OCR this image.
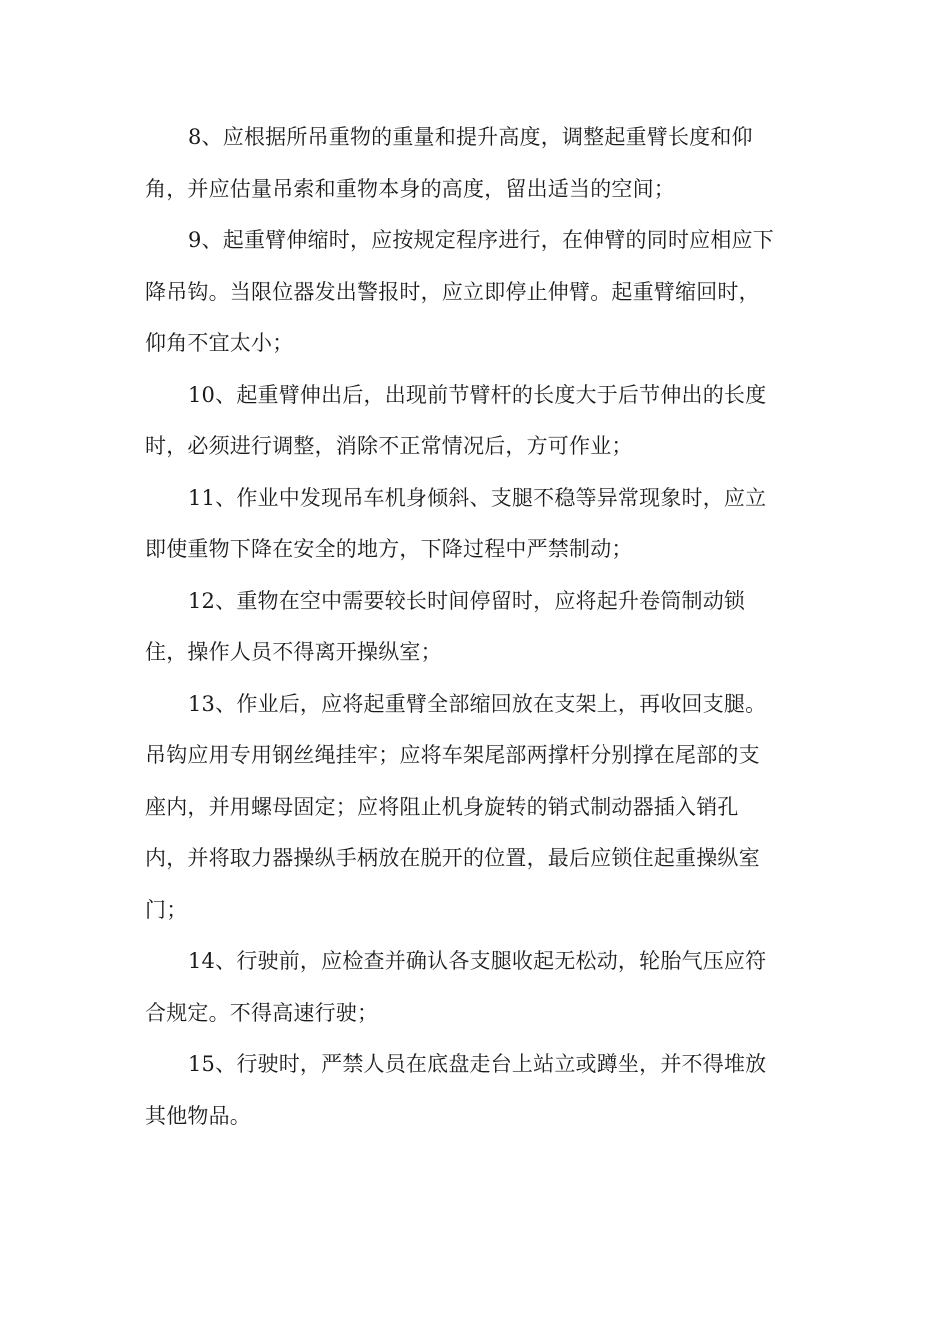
8、应根据所吊重物的重量和提升高度，调整起重臂长度和仰
角，并应估量吊索和重物本身的高度，留出适当的空间；
9、起重臂伸缩时，应按规定程序进行，在伸臂的同时应相应下
降吊钩。当限位器发出警报时，应立即停止伸臂。起重臂缩回时，
仰角不宜太小；
10、起重臂伸出后，出现前节臂杆的长度大于后节伸出的长度
时，必须进行调整，消除不正常情况后，方可作业；
11、作业中发现吊车机身倾斜、支腿不稳等异常现象时，应立
即使重物下降在安全的地方，下降过程中严禁制动；
12、重物在空中需要较长时间停留时，应将起升卷筒制动锁
住，操作人员不得离开操纵室；
13、作业后，应将起重臂全部缩回放在支架上，再收回支腿。
吊钩应用专用钢丝绳挂牢；应将车架尾部两撑杆分别撑在尾部的支
座内，并用螺母固定；应将阻止机身旋转的销式制动器插入销孔
内，并将取力器操纵手柄放在脱开的位置，最后应锁住起重操纵室
门；
14、行驶前，应检查并确认各支腿收起无松动，轮胎气压应符
合规定。不得高速行驶；
15、行驶时，严禁人员在底盘走台上站立或蹲坐，并不得堆放
其他物品。
